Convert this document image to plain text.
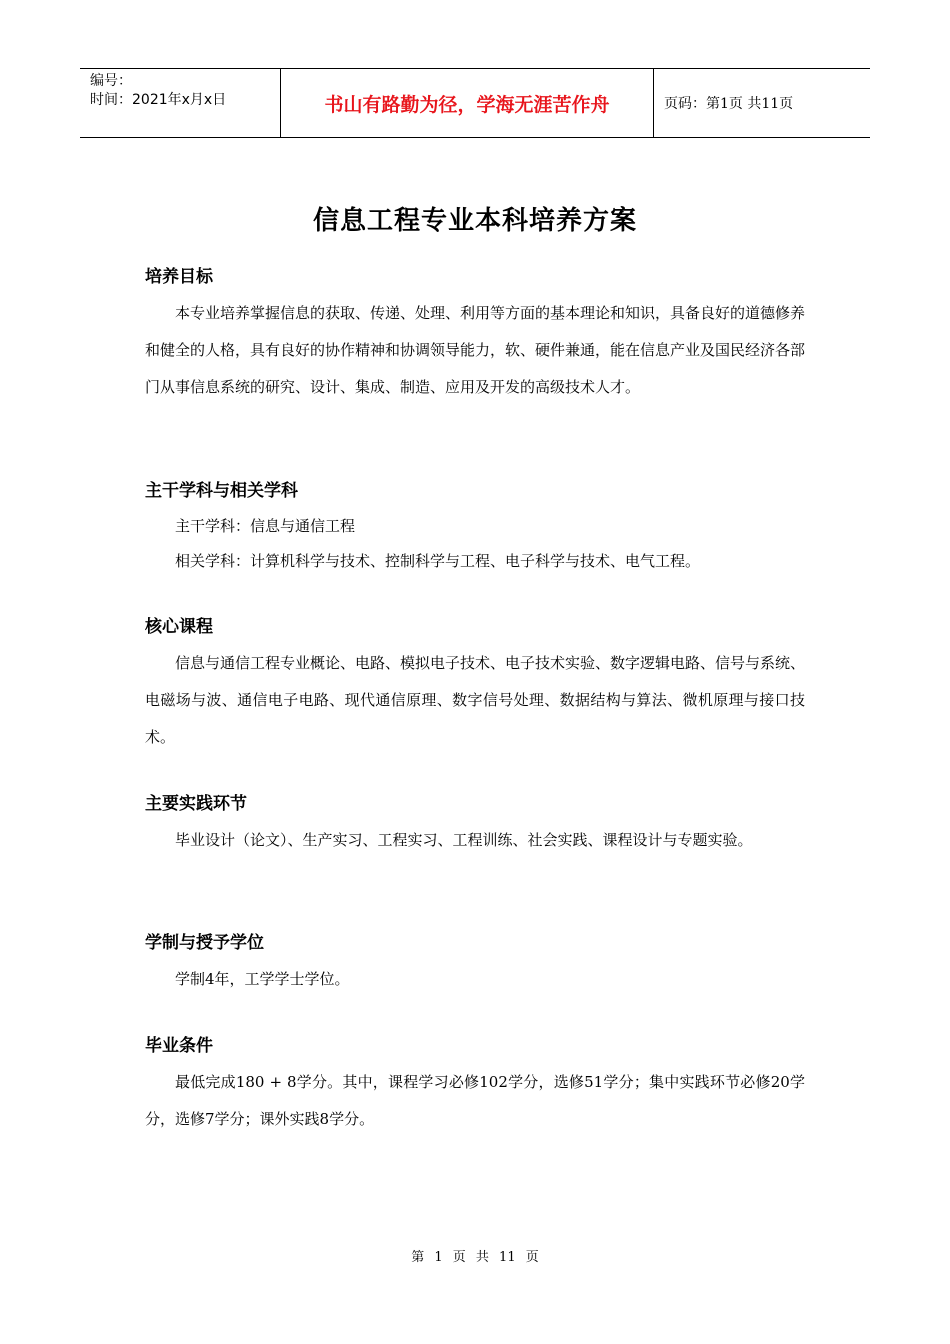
编号：
时间：2021年x月x日	书山有路勤为径，学海无涯苦作舟	页码：第1页 共11页
信息工程专业本科培养方案
培养目标

本专业培养掌握信息的获取、传递、处理、利用等方面的基本理论和知识，具备良好的道德修养和健全的人格，具有良好的协作精神和协调领导能力，软、硬件兼通，能在信息产业及国民经济各部门从事信息系统的研究、设计、集成、制造、应用及开发的高级技术人才。

主干学科与相关学科

主干学科：信息与通信工程

相关学科：计算机科学与技术、控制科学与工程、电子科学与技术、电气工程。

核心课程

信息与通信工程专业概论、电路、模拟电子技术、电子技术实验、数字逻辑电路、信号与系统、电磁场与波、通信电子电路、现代通信原理、数字信号处理、数据结构与算法、微机原理与接口技术。

主要实践环节

毕业设计（论文）、生产实习、工程实习、工程训练、社会实践、课程设计与专题实验。

学制与授予学位

学制4年，工学学士学位。

毕业条件

最低完成180 + 8学分。其中，课程学习必修102学分，选修51学分；集中实践环节必修20学分，选修7学分；课外实践8学分。

第 1 页 共 11 页
